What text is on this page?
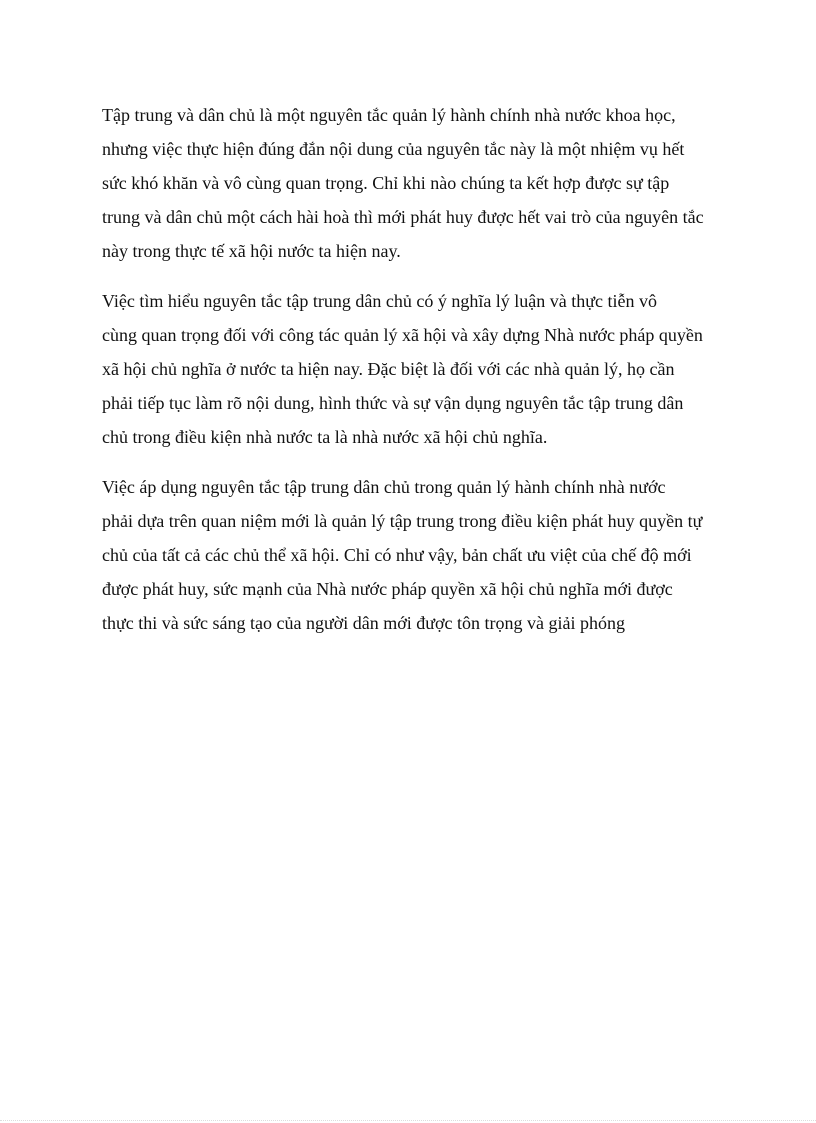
Tập trung và dân chủ là một nguyên tắc quản lý hành chính nhà nước khoa học,
nhưng việc thực hiện đúng đắn nội dung của nguyên tắc này là một nhiệm vụ hết
sức khó khăn và vô cùng quan trọng. Chỉ khi nào chúng ta kết hợp được sự tập
trung và dân chủ một cách hài hoà thì mới phát huy được hết vai trò của nguyên tắc
này trong thực tế xã hội nước ta hiện nay.

Việc tìm hiểu nguyên tắc tập trung dân chủ có ý nghĩa lý luận và thực tiễn vô
cùng quan trọng đối với công tác quản lý xã hội và xây dựng Nhà nước pháp quyền
xã hội chủ nghĩa ở nước ta hiện nay. Đặc biệt là đối với các nhà quản lý, họ cần
phải tiếp tục làm rõ nội dung, hình thức và sự vận dụng nguyên tắc tập trung dân
chủ trong điều kiện nhà nước ta là nhà nước xã hội chủ nghĩa.

Việc áp dụng nguyên tắc tập trung dân chủ trong quản lý hành chính nhà nước
phải dựa trên quan niệm mới là quản lý tập trung trong điều kiện phát huy quyền tự
chủ của tất cả các chủ thể xã hội. Chỉ có như vậy, bản chất ưu việt của chế độ mới
được phát huy, sức mạnh của Nhà nước pháp quyền xã hội chủ nghĩa mới được
thực thi và sức sáng tạo của người dân mới được tôn trọng và giải phóng
